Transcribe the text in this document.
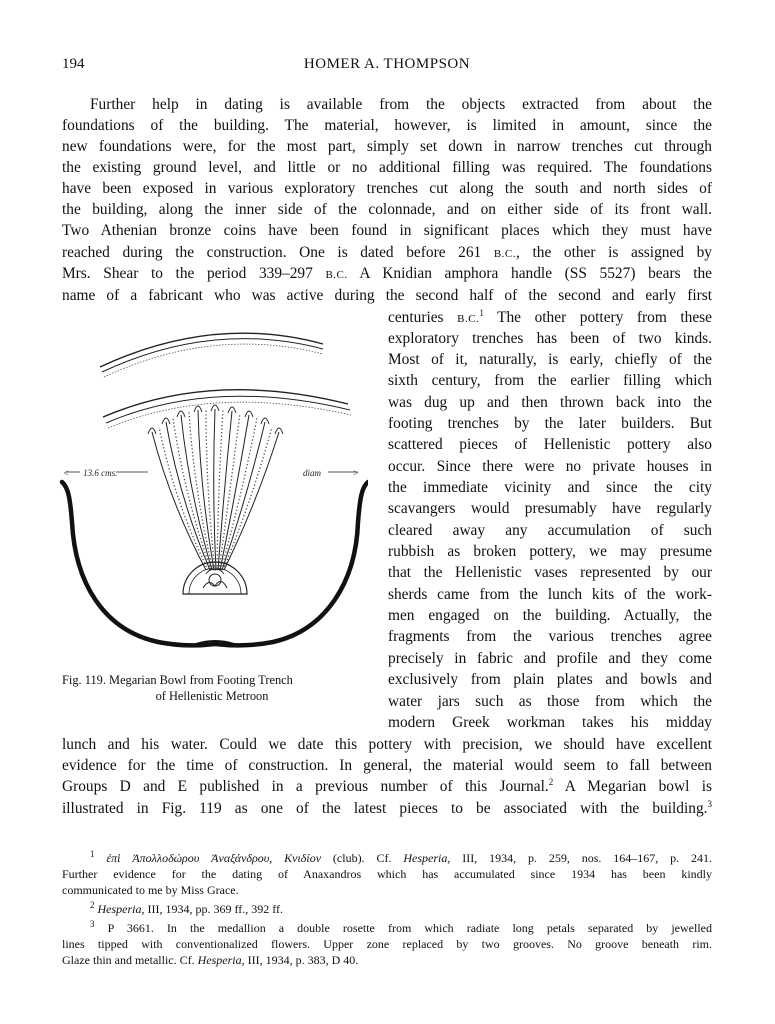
194	HOMER A. THOMPSON
Further help in dating is available from the objects extracted from about the
foundations of the building. The material, however, is limited in amount, since the
new foundations were, for the most part, simply set down in narrow trenches cut through
the existing ground level, and little or no additional filling was required. The foundations
have been exposed in various exploratory trenches cut along the south and north sides of
the building, along the inner side of the colonnade, and on either side of its front wall.
Two Athenian bronze coins have been found in significant places which they must have
reached during the construction. One is dated before 261 B.C., the other is assigned by
Mrs. Shear to the period 339–297 B.C. A Knidian amphora handle (SS 5527) bears the
name of a fabricant who was active during the second half of the second and early first
centuries B.C.$^1$ The other pottery from these
exploratory trenches has been of two kinds.
Most of it, naturally, is early, chiefly of the
sixth century, from the earlier filling which
was dug up and then thrown back into the
footing trenches by the later builders. But
scattered pieces of Hellenistic pottery also
occur. Since there were no private houses in
the immediate vicinity and since the city
scavangers would presumably have regularly
cleared away any accumulation of such
rubbish as broken pottery, we may presume
that the Hellenistic vases represented by our
sherds came from the lunch kits of the work-
men engaged on the building. Actually, the
fragments from the various trenches agree
precisely in fabric and profile and they come
exclusively from plain plates and bowls and
water jars such as those from which the
modern Greek workman takes his midday
lunch and his water. Could we date this pottery with precision, we should have excellent
evidence for the time of construction. In general, the material would seem to fall between
Groups D and E published in a previous number of this Journal.$^2$ A Megarian bowl is
illustrated in Fig. 119 as one of the latest pieces to be associated with the building.$^3$
< 13.6 cms.	diam	>
Fig. 119. Megarian Bowl from Footing Trench
of Hellenistic Metroon
$^1$ ἐπὶ Ἀπολλοδώρου Ἀναξάνδρου, Κνιδίον (club). Cf. Hesperia, III, 1934, p. 259, nos. 164–167, p. 241.
Further evidence for the dating of Anaxandros which has accumulated since 1934 has been kindly
communicated to me by Miss Grace.
$^2$ Hesperia, III, 1934, pp. 369 ff., 392 ff.
$^3$ P 3661. In the medallion a double rosette from which radiate long petals separated by jewelled
lines tipped with conventionalized flowers. Upper zone replaced by two grooves. No groove beneath rim.
Glaze thin and metallic. Cf. Hesperia, III, 1934, p. 383, D 40.
